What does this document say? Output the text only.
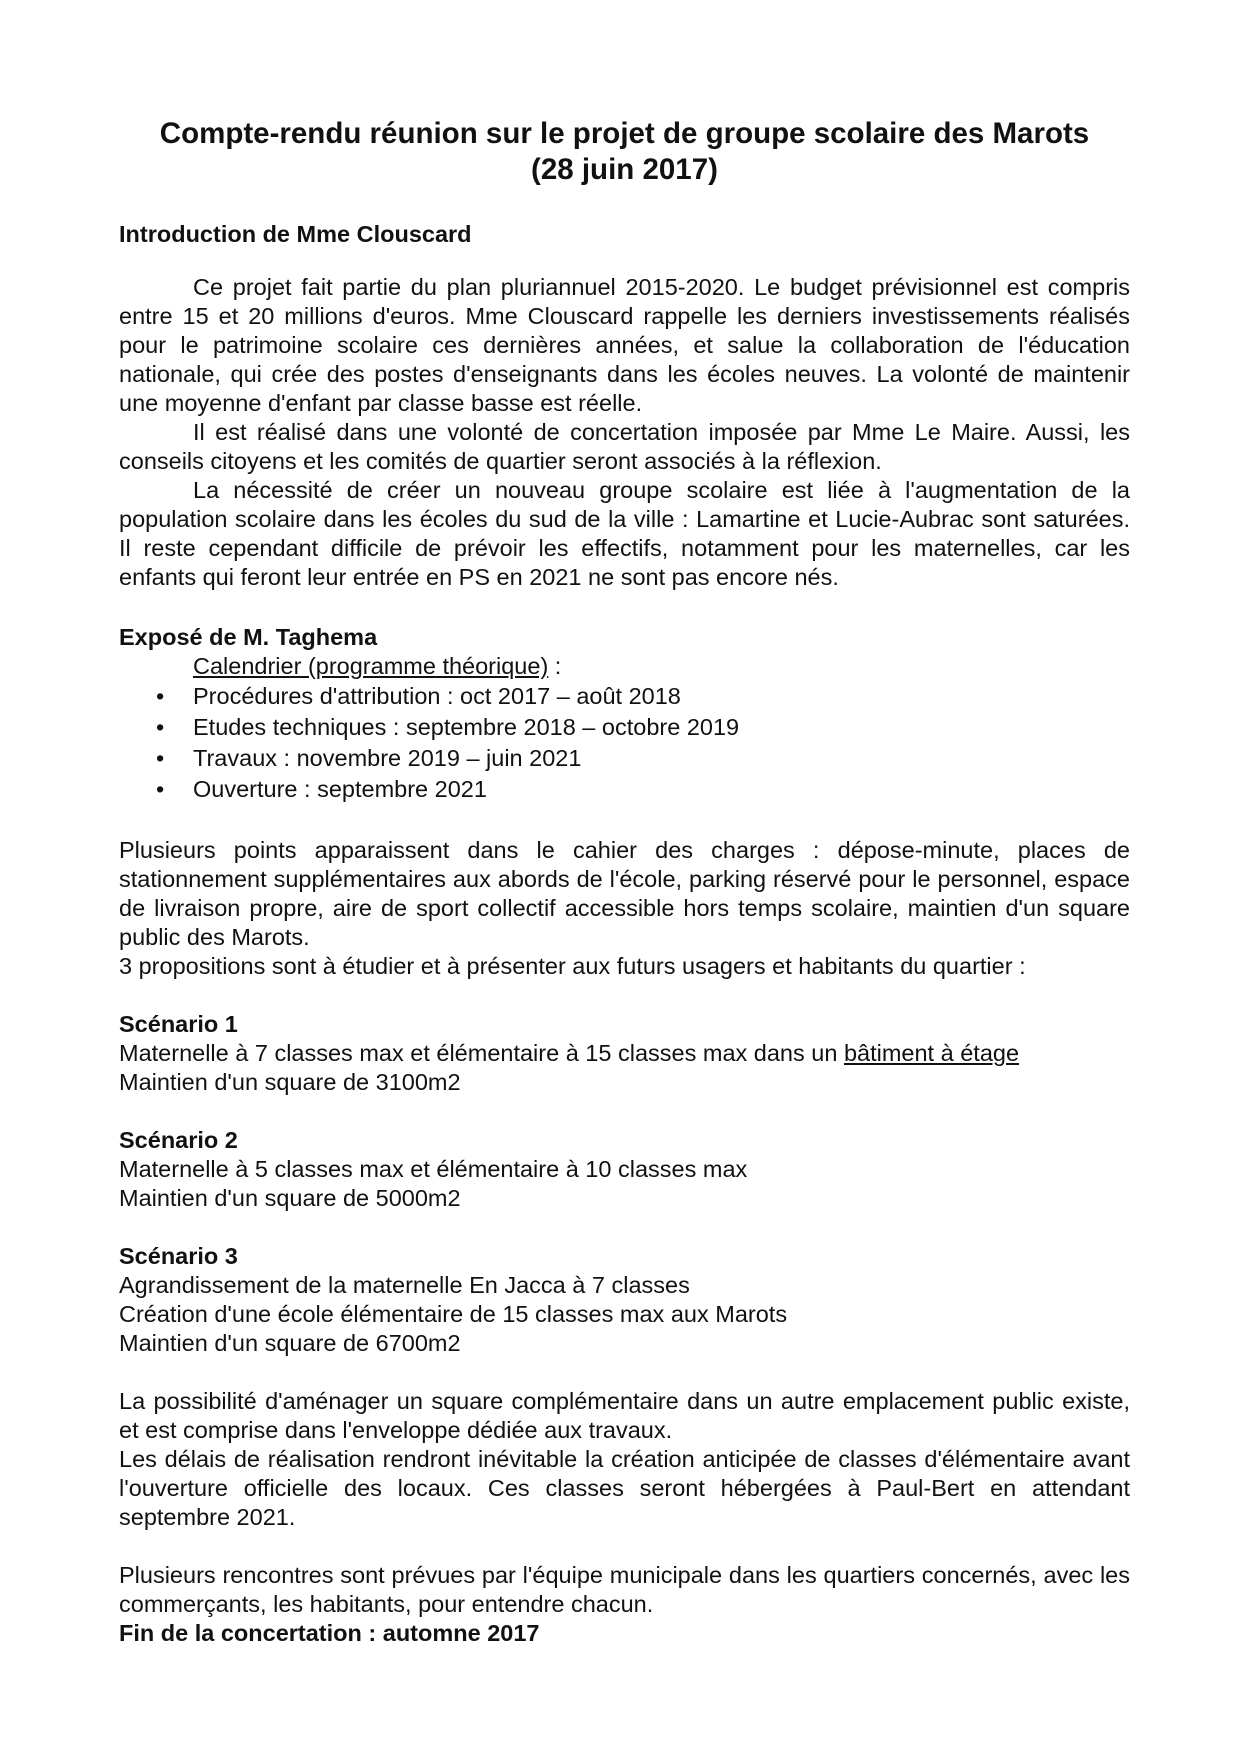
Compte-rendu réunion sur le projet de groupe scolaire des Marots
(28 juin 2017)
Introduction de Mme Clouscard

Ce projet fait partie du plan pluriannuel 2015-2020. Le budget prévisionnel est compris entre 15 et 20 millions d'euros. Mme Clouscard rappelle les derniers investissements réalisés pour le patrimoine scolaire ces dernières années, et salue la collaboration de l'éducation nationale, qui crée des postes d'enseignants dans les écoles neuves. La volonté de maintenir une moyenne d'enfant par classe basse est réelle.

Il est réalisé dans une volonté de concertation imposée par Mme Le Maire. Aussi, les conseils citoyens et les comités de quartier seront associés à la réflexion.

La nécessité de créer un nouveau groupe scolaire est liée à l'augmentation de la population scolaire dans les écoles du sud de la ville : Lamartine et Lucie-Aubrac sont saturées. Il reste cependant difficile de prévoir les effectifs, notamment pour les maternelles, car les enfants qui feront leur entrée en PS en 2021 ne sont pas encore nés.

Exposé de M. Taghema

Calendrier (programme théorique) :

• Procédures d'attribution : oct 2017 – août 2018
• Etudes techniques : septembre 2018 – octobre 2019
• Travaux : novembre 2019 – juin 2021
• Ouverture : septembre 2021

Plusieurs points apparaissent dans le cahier des charges : dépose-minute, places de stationnement supplémentaires aux abords de l'école, parking réservé pour le personnel, espace de livraison propre, aire de sport collectif accessible hors temps scolaire, maintien d'un square public des Marots.

3 propositions sont à étudier et à présenter aux futurs usagers et habitants du quartier :

Scénario 1

Maternelle à 7 classes max et élémentaire à 15 classes max dans un bâtiment à étage

Maintien d'un square de 3100m2

Scénario 2

Maternelle à 5 classes max et élémentaire à 10 classes max

Maintien d'un square de 5000m2

Scénario 3

Agrandissement de la maternelle En Jacca à 7 classes

Création d'une école élémentaire de 15 classes max aux Marots

Maintien d'un square de 6700m2

La possibilité d'aménager un square complémentaire dans un autre emplacement public existe, et est comprise dans l'enveloppe dédiée aux travaux.

Les délais de réalisation rendront inévitable la création anticipée de classes d'élémentaire avant l'ouverture officielle des locaux. Ces classes seront hébergées à Paul-Bert en attendant septembre 2021.

Plusieurs rencontres sont prévues par l'équipe municipale dans les quartiers concernés, avec les commerçants, les habitants, pour entendre chacun.

Fin de la concertation : automne 2017
